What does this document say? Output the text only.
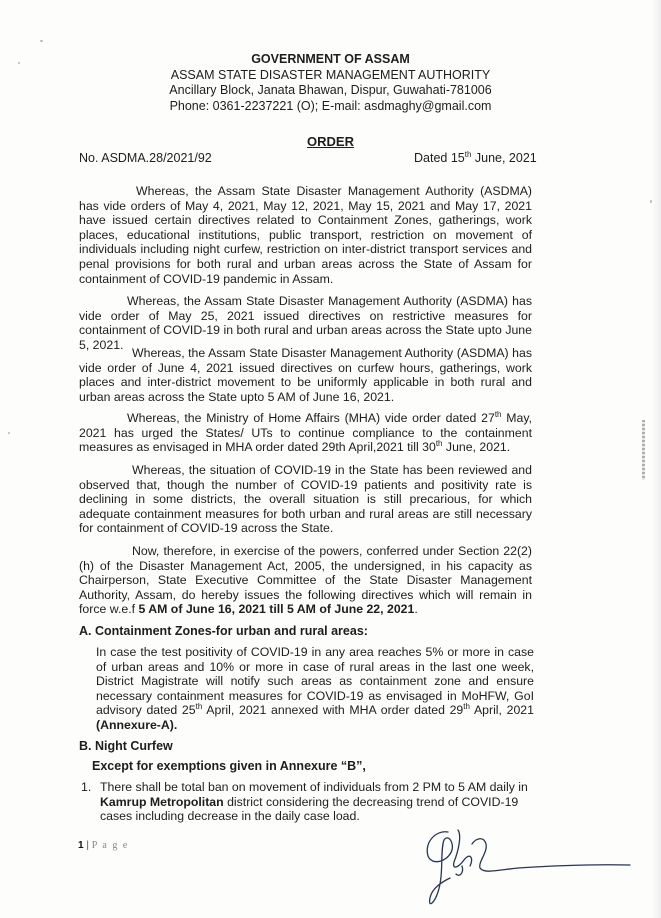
GOVERNMENT OF ASSAM
ASSAM STATE DISASTER MANAGEMENT AUTHORITY
Ancillary Block, Janata Bhawan, Dispur, Guwahati-781006
Phone: 0361-2237221 (O); E-mail: asdmaghy@gmail.com
ORDER
No. ASDMA.28/2021/92	Dated 15th June, 2021

Whereas, the Assam State Disaster Management Authority (ASDMA) has vide orders of May 4, 2021, May 12, 2021, May 15, 2021 and May 17, 2021 have issued certain directives related to Containment Zones, gatherings, work places, educational institutions, public transport, restriction on movement of individuals including night curfew, restriction on inter-district transport services and penal provisions for both rural and urban areas across the State of Assam for containment of COVID-19 pandemic in Assam.

Whereas, the Assam State Disaster Management Authority (ASDMA) has vide order of May 25, 2021 issued directives on restrictive measures for containment of COVID-19 in both rural and urban areas across the State upto June 5, 2021.

Whereas, the Assam State Disaster Management Authority (ASDMA) has vide order of June 4, 2021 issued directives on curfew hours, gatherings, work places and inter-district movement to be uniformly applicable in both rural and urban areas across the State upto 5 AM of June 16, 2021.

Whereas, the Ministry of Home Affairs (MHA) vide order dated 27th May, 2021 has urged the States/ UTs to continue compliance to the containment measures as envisaged in MHA order dated 29th April,2021 till 30th June, 2021.

Whereas, the situation of COVID-19 in the State has been reviewed and observed that, though the number of COVID-19 patients and positivity rate is declining in some districts, the overall situation is still precarious, for which adequate containment measures for both urban and rural areas are still necessary for containment of COVID-19 across the State.

Now, therefore, in exercise of the powers, conferred under Section 22(2) (h) of the Disaster Management Act, 2005, the undersigned, in his capacity as Chairperson, State Executive Committee of the State Disaster Management Authority, Assam, do hereby issues the following directives which will remain in force w.e.f 5 AM of June 16, 2021 till 5 AM of June 22, 2021.

A. Containment Zones-for urban and rural areas:

In case the test positivity of COVID-19 in any area reaches 5% or more in case of urban areas and 10% or more in case of rural areas in the last one week, District Magistrate will notify such areas as containment zone and ensure necessary containment measures for COVID-19 as envisaged in MoHFW, GoI advisory dated 25th April, 2021 annexed with MHA order dated 29th April, 2021 (Annexure-A).

B. Night Curfew
Except for exemptions given in Annexure “B”,
1. There shall be total ban on movement of individuals from 2 PM to 5 AM daily in Kamrup Metropolitan district considering the decreasing trend of COVID-19 cases including decrease in the daily case load.

1 | P a g e
